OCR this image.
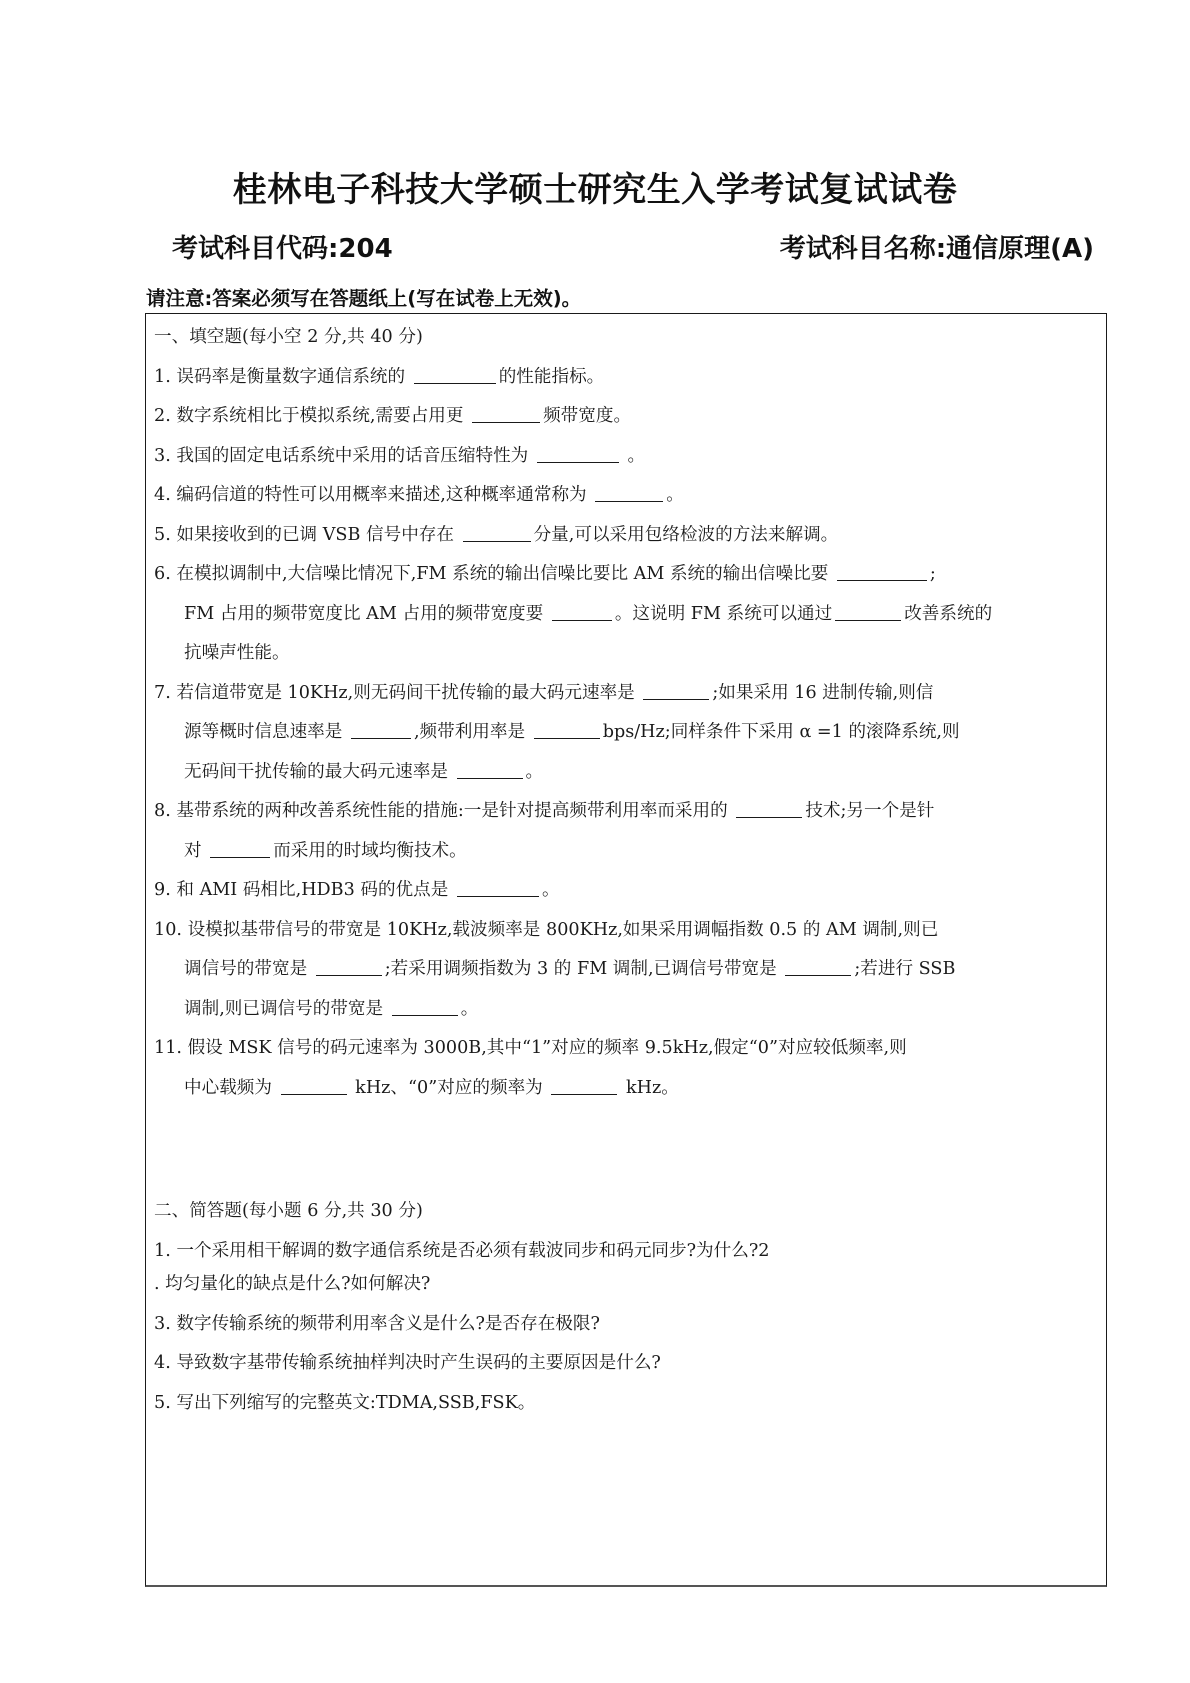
桂林电子科技大学硕士研究生入学考试复试试卷
考试科目代码:204	考试科目名称:通信原理(A)
请注意:答案必须写在答题纸上(写在试卷上无效)。
一、填空题(每小空 2 分,共 40 分)
1. 误码率是衡量数字通信系统的	的性能指标。
2. 数字系统相比于模拟系统,需要占用更	频带宽度。
3. 我国的固定电话系统中采用的话音压缩特性为	。
4. 编码信道的特性可以用概率来描述,这种概率通常称为	。
5. 如果接收到的已调 VSB 信号中存在	分量,可以采用包络检波的方法来解调。
6. 在模拟调制中,大信噪比情况下,FM 系统的输出信噪比要比 AM 系统的输出信噪比要	;
FM 占用的频带宽度比 AM 占用的频带宽度要	。这说明 FM 系统可以通过	改善系统的
抗噪声性能。
7. 若信道带宽是 10KHz,则无码间干扰传输的最大码元速率是	;如果采用 16 进制传输,则信
源等概时信息速率是	,频带利用率是	bps/Hz;同样条件下采用 α =1 的滚降系统,则
无码间干扰传输的最大码元速率是	。
8. 基带系统的两种改善系统性能的措施:一是针对提高频带利用率而采用的	技术;另一个是针
对	而采用的时域均衡技术。
9. 和 AMI 码相比,HDB3 码的优点是	。
10. 设模拟基带信号的带宽是 10KHz,载波频率是 800KHz,如果采用调幅指数 0.5 的 AM 调制,则已
调信号的带宽是	;若采用调频指数为 3 的 FM 调制,已调信号带宽是	;若进行 SSB
调制,则已调信号的带宽是	。
11. 假设 MSK 信号的码元速率为 3000B,其中“1”对应的频率 9.5kHz,假定“0”对应较低频率,则
中心载频为	kHz、“0”对应的频率为	kHz。
二、简答题(每小题 6 分,共 30 分)
1. 一个采用相干解调的数字通信系统是否必须有载波同步和码元同步?为什么?2
. 均匀量化的缺点是什么?如何解决?
3. 数字传输系统的频带利用率含义是什么?是否存在极限?
4. 导致数字基带传输系统抽样判决时产生误码的主要原因是什么?
5. 写出下列缩写的完整英文:TDMA,SSB,FSK。
